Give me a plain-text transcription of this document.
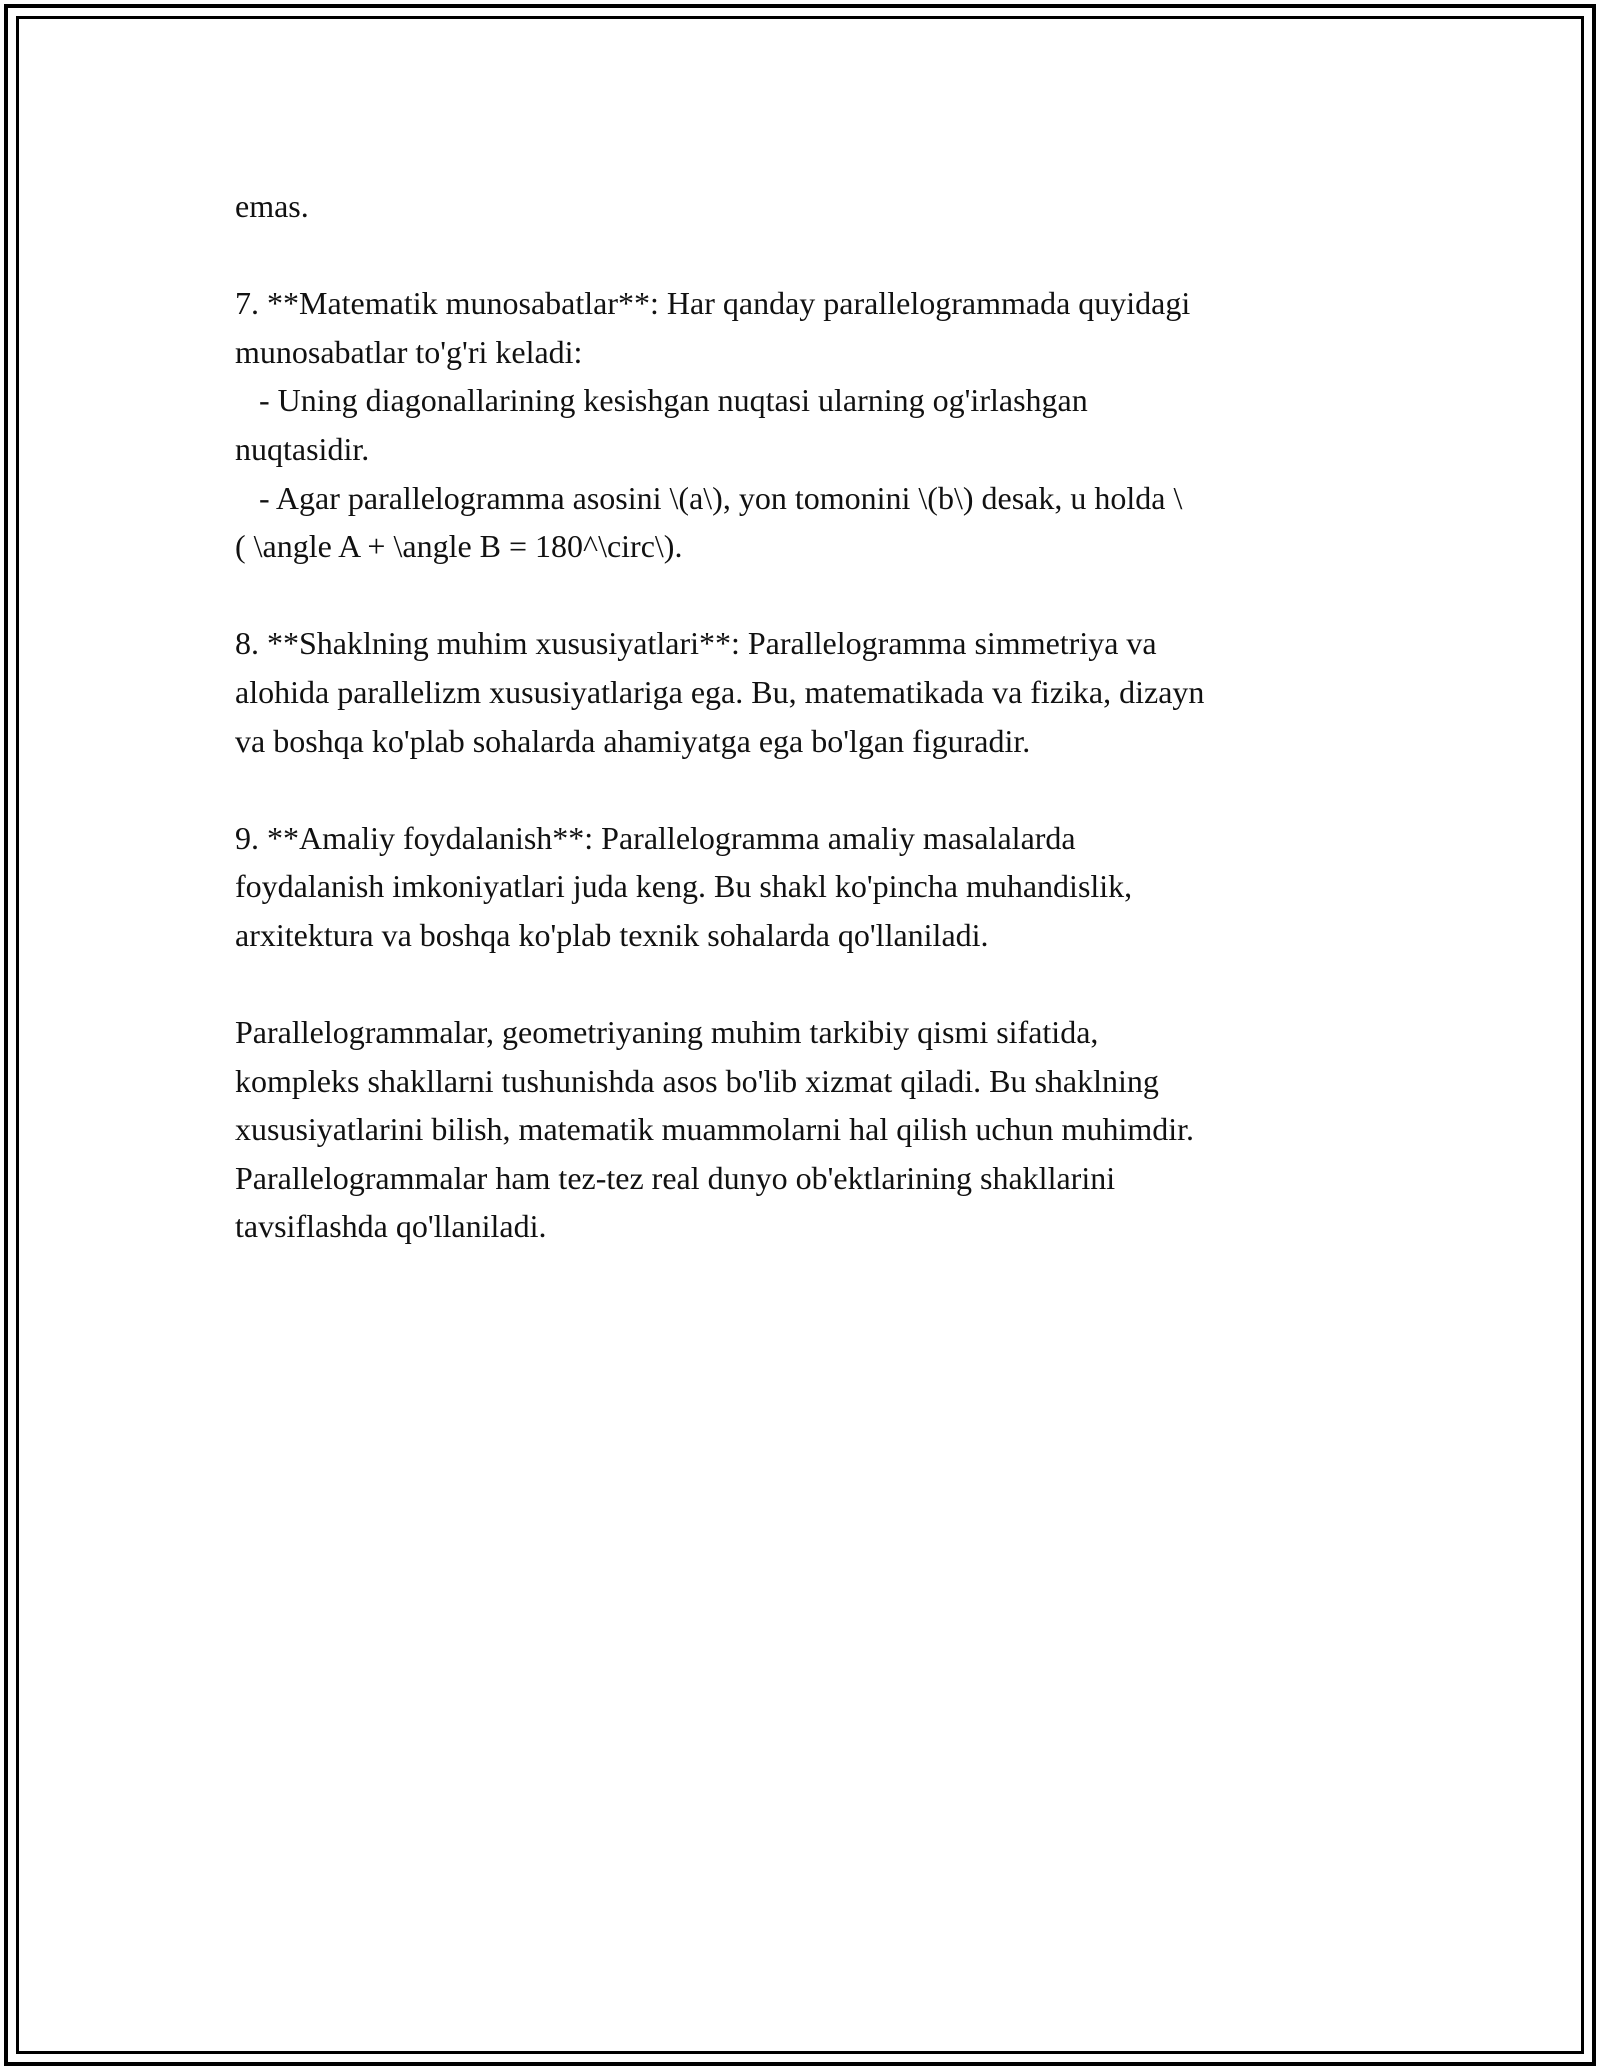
emas.
7. **Matematik munosabatlar**: Har qanday parallelogrammada quyidagi
munosabatlar to'g'ri keladi:
- Uning diagonallarining kesishgan nuqtasi ularning og'irlashgan
nuqtasidir.
- Agar parallelogramma asosini \(a\), yon tomonini \(b\) desak, u holda \
( \angle A + \angle B = 180^\circ\).
8. **Shaklning muhim xususiyatlari**: Parallelogramma simmetriya va
alohida parallelizm xususiyatlariga ega. Bu, matematikada va fizika, dizayn
va boshqa ko'plab sohalarda ahamiyatga ega bo'lgan figuradir.
9. **Amaliy foydalanish**: Parallelogramma amaliy masalalarda
foydalanish imkoniyatlari juda keng. Bu shakl ko'pincha muhandislik,
arxitektura va boshqa ko'plab texnik sohalarda qo'llaniladi.
Parallelogrammalar, geometriyaning muhim tarkibiy qismi sifatida,
kompleks shakllarni tushunishda asos bo'lib xizmat qiladi. Bu shaklning
xususiyatlarini bilish, matematik muammolarni hal qilish uchun muhimdir.
Parallelogrammalar ham tez-tez real dunyo ob'ektlarining shakllarini
tavsiflashda qo'llaniladi.
